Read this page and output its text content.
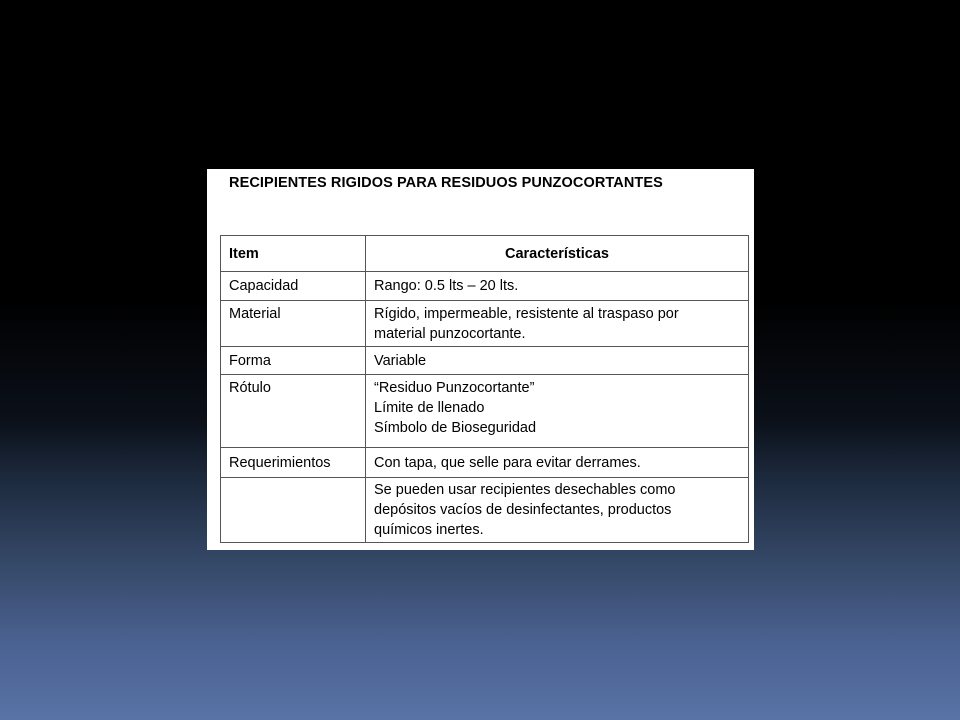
RECIPIENTES RIGIDOS PARA RESIDUOS PUNZOCORTANTES
Item	Características
Capacidad	Rango: 0.5 lts – 20 lts.

Material	Rígido, impermeable, resistente al traspaso por
material punzocortante.

Forma	Variable

Rótulo	“Residuo Punzocortante”
Límite de llenado
Símbolo de Bioseguridad

Requerimientos	Con tapa, que selle para evitar derrames.

	Se pueden usar recipientes desechables como
depósitos vacíos de desinfectantes, productos
químicos inertes.
